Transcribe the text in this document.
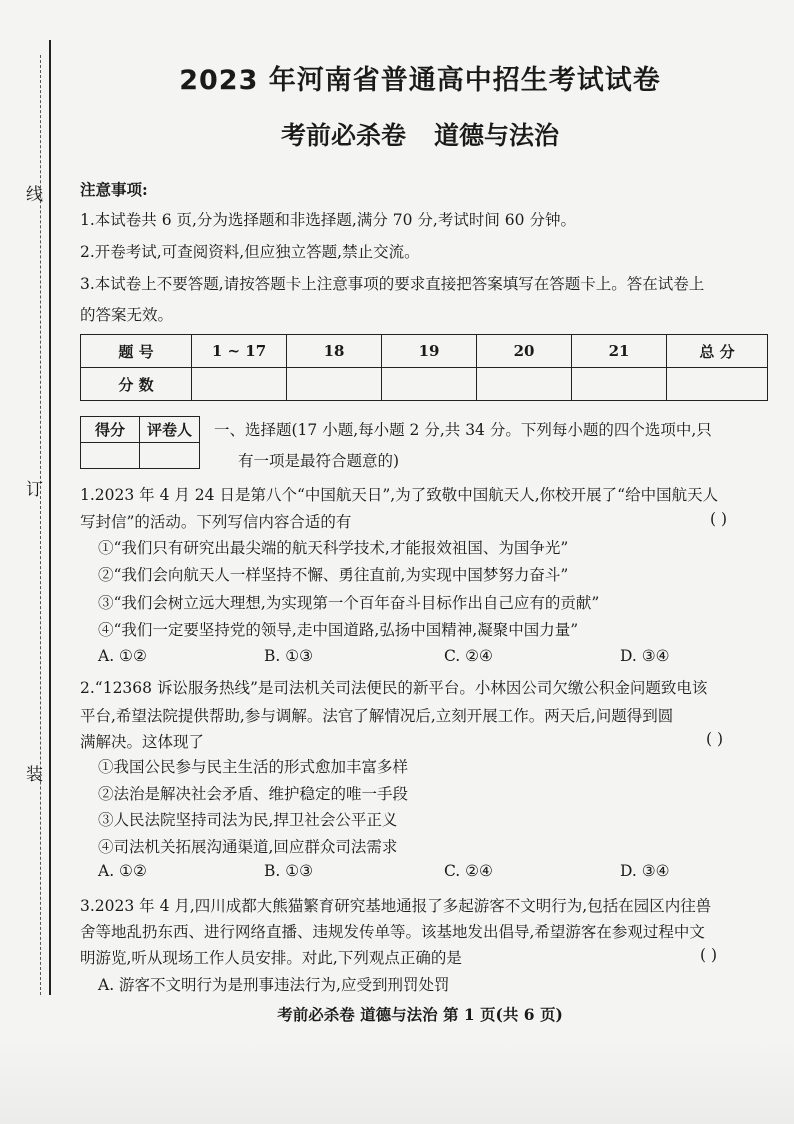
线
订
装
2023 年河南省普通高中招生考试试卷
考前必杀卷 道德与法治
注意事项:
1.本试卷共 6 页,分为选择题和非选择题,满分 70 分,考试时间 60 分钟。
2.开卷考试,可查阅资料,但应独立答题,禁止交流。
3.本试卷上不要答题,请按答题卡上注意事项的要求直接把答案填写在答题卡上。答在试卷上
的答案无效。
题 号	1 ~ 17	18	19	20	21	总 分
分 数						
得分	评卷人
	一、选择题(17 小题,每小题 2 分,共 34 分。下列每小题的四个选项中,只
有一项是最符合题意的)
1.2023 年 4 月 24 日是第八个“中国航天日”,为了致敬中国航天人,你校开展了“给中国航天人
写封信”的活动。下列写信内容合适的有	( )
①“我们只有研究出最尖端的航天科学技术,才能报效祖国、为国争光”
②“我们会向航天人一样坚持不懈、勇往直前,为实现中国梦努力奋斗”
③“我们会树立远大理想,为实现第一个百年奋斗目标作出自己应有的贡献”
④“我们一定要坚持党的领导,走中国道路,弘扬中国精神,凝聚中国力量”
A. ①②	B. ①③	C. ②④	D. ③④
2.“12368 诉讼服务热线”是司法机关司法便民的新平台。小林因公司欠缴公积金问题致电该
平台,希望法院提供帮助,参与调解。法官了解情况后,立刻开展工作。两天后,问题得到圆
满解决。这体现了	( )
①我国公民参与民主生活的形式愈加丰富多样
②法治是解决社会矛盾、维护稳定的唯一手段
③人民法院坚持司法为民,捍卫社会公平正义
④司法机关拓展沟通渠道,回应群众司法需求
A. ①②	B. ①③	C. ②④	D. ③④
3.2023 年 4 月,四川成都大熊猫繁育研究基地通报了多起游客不文明行为,包括在园区内往兽
舍等地乱扔东西、进行网络直播、违规发传单等。该基地发出倡导,希望游客在参观过程中文
明游览,听从现场工作人员安排。对此,下列观点正确的是	( )
A. 游客不文明行为是刑事违法行为,应受到刑罚处罚
考前必杀卷 道德与法治 第 1 页(共 6 页)
